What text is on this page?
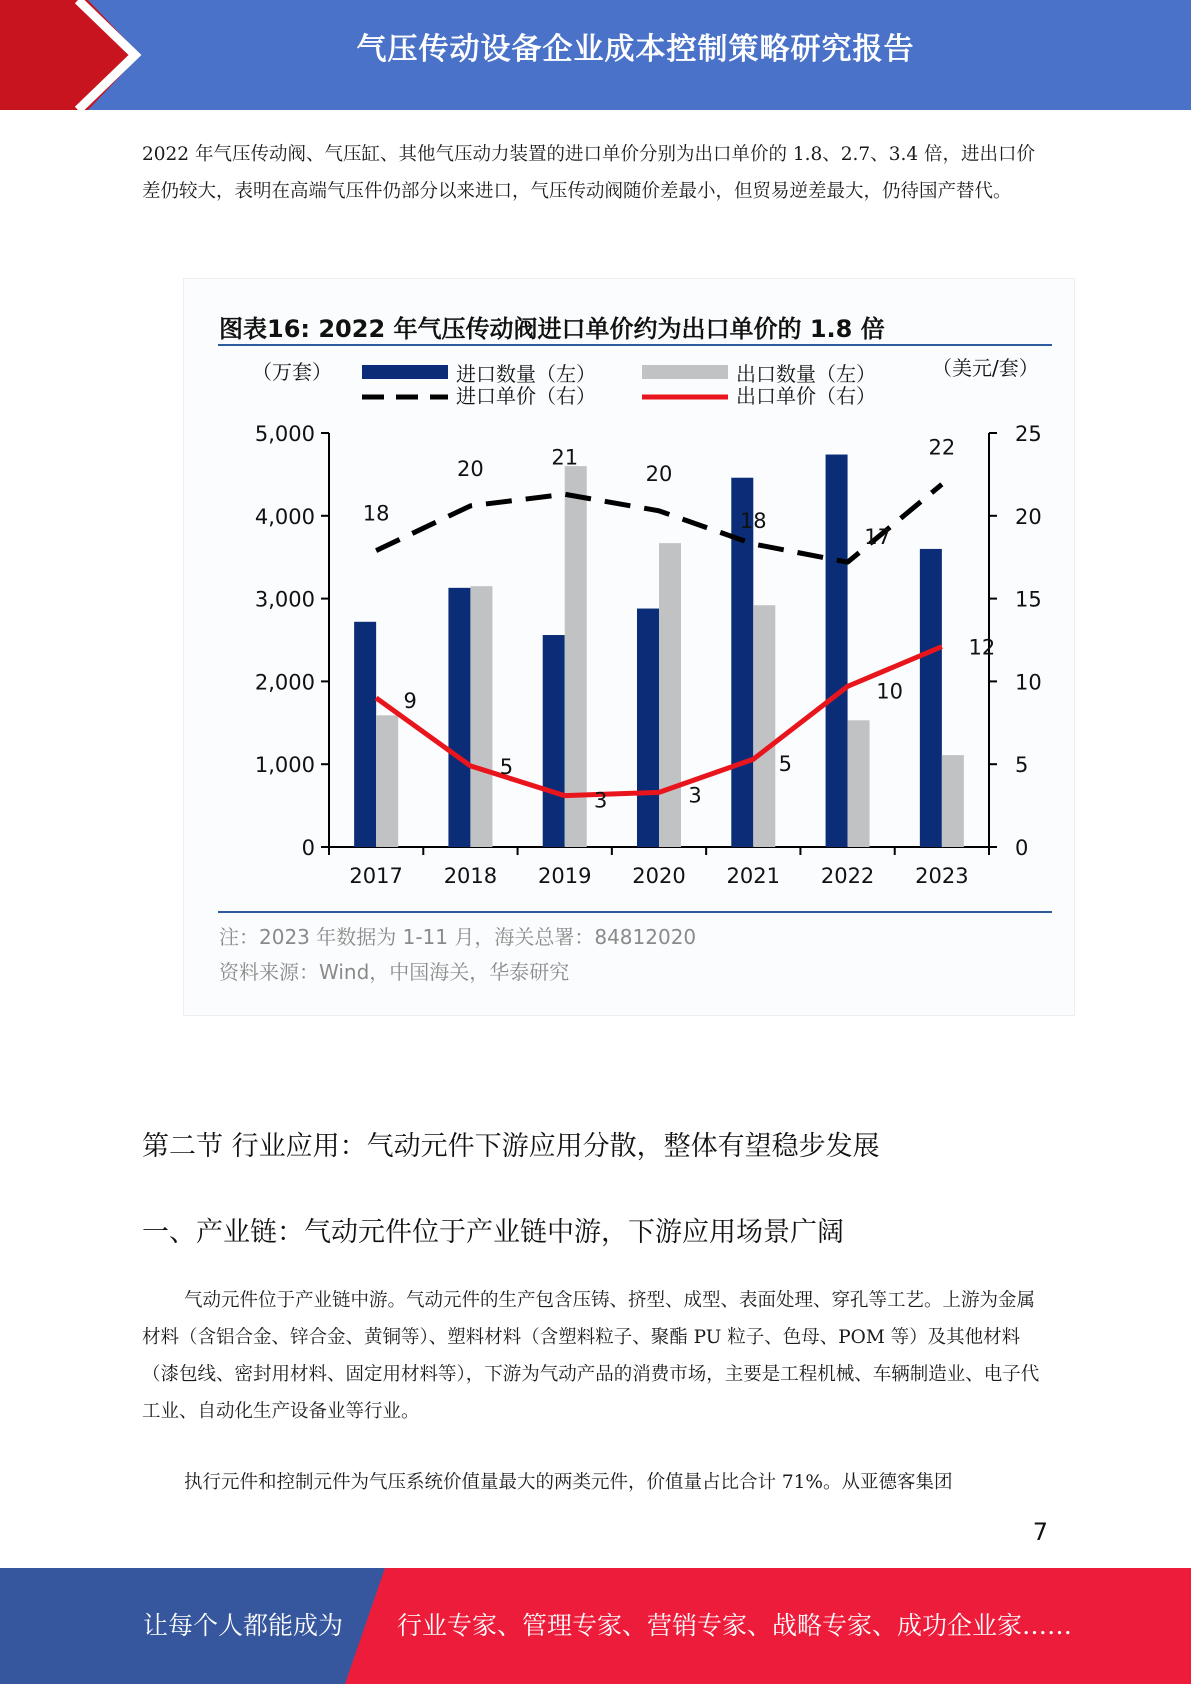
气压传动设备企业成本控制策略研究报告

2022 年气压传动阀、气压缸、其他气压动力装置的进口单价分别为出口单价的 1.8、2.7、3.4 倍，进出口价差仍较大，表明在高端气压件仍部分以来进口，气压传动阀随价差最小，但贸易逆差最大，仍待国产替代。

图表16: 2022 年气压传动阀进口单价约为出口单价的 1.8 倍
（万套）	（美元/套）
进口数量（左）	出口数量（左）
进口单价（右）	出口单价（右）
0
1,000
2,000
3,000
4,000
5,000
0
5
10
15
20
25
2017 2018 2019 2020 2021 2022 2023
18
20	21
20
18
17
22
9
5
3	3
5
10
12
注：2023 年数据为 1-11 月，海关总署：84812020
资料来源：Wind，中国海关，华泰研究
第二节 行业应用：气动元件下游应用分散，整体有望稳步发展
一、产业链：气动元件位于产业链中游，下游应用场景广阔

气动元件位于产业链中游。气动元件的生产包含压铸、挤型、成型、表面处理、穿孔等工艺。上游为金属材料（含铝合金、锌合金、黄铜等）、塑料材料（含塑料粒子、聚酯 PU 粒子、色母、POM 等）及其他材料（漆包线、密封用材料、固定用材料等），下游为气动产品的消费市场，主要是工程机械、车辆制造业、电子代工业、自动化生产设备业等行业。

执行元件和控制元件为气压系统价值量最大的两类元件，价值量占比合计 71%。从亚德客集团

7
让每个人都能成为 行业专家、管理专家、营销专家、战略专家、成功企业家……
